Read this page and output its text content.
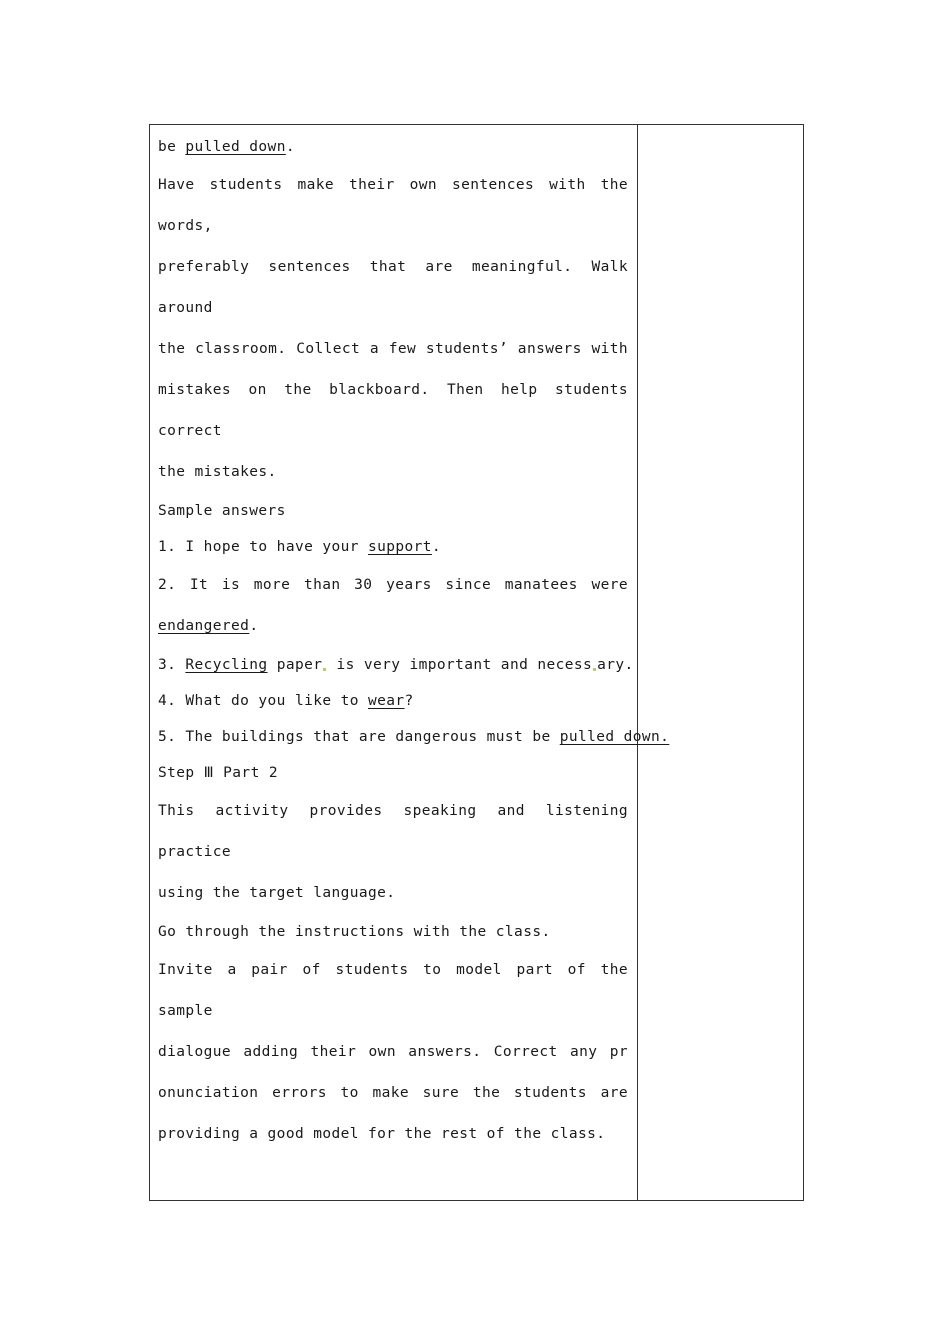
be pulled down.
Have students make their own sentences with the words,
preferably sentences that are meaningful. Walk around
the classroom. Collect a few students’ answers with
mistakes on the blackboard. Then help students correct
the mistakes.
Sample answers
1. I hope to have your support.
2. It is more than 30 years since manatees were
endangered.
3. Recycling paper is very important and necess ary.
4. What do you like to wear?
5. The buildings that are dangerous must be pulled down.
Step Ⅲ Part 2
This activity provides speaking and listening practice
using the target language.
Go through the instructions with the class.
Invite a pair of students to model part of the sample
dialogue adding their own answers. Correct any pr
onunciation errors to make sure the students are
providing a good model for the rest of the class.
